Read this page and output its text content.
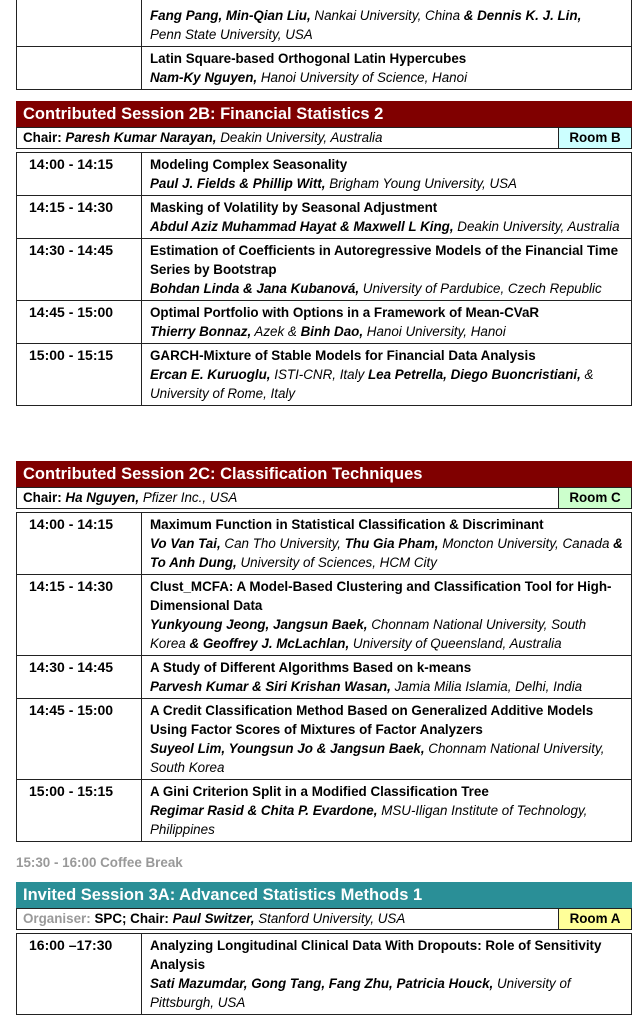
	Fang Pang, Min-Qian Liu, Nankai University, China & Dennis K. J. Lin,
Penn State University, USA

	Latin Square-based Orthogonal Latin Hypercubes
Nam-Ky Nguyen, Hanoi University of Science, Hanoi
Contributed Session 2B: Financial Statistics 2
Chair: Paresh Kumar Narayan, Deakin University, Australia	Room B
14:00 - 14:15	Modeling Complex Seasonality
Paul J. Fields & Phillip Witt, Brigham Young University, USA

14:15 - 14:30	Masking of Volatility by Seasonal Adjustment
Abdul Aziz Muhammad Hayat & Maxwell L King, Deakin University, Australia

14:30 - 14:45	Estimation of Coefficients in Autoregressive Models of the Financial Time Series by Bootstrap
Bohdan Linda & Jana Kubanová, University of Pardubice, Czech Republic

14:45 - 15:00	Optimal Portfolio with Options in a Framework of Mean-CVaR
Thierry Bonnaz, Azek & Binh Dao, Hanoi University, Hanoi

15:00 - 15:15	GARCH-Mixture of Stable Models for Financial Data Analysis
Ercan E. Kuruoglu, ISTI-CNR, Italy Lea Petrella, Diego Buoncristiani, & University of Rome, Italy
Contributed Session 2C: Classification Techniques
Chair: Ha Nguyen, Pfizer Inc., USA	Room C
14:00 - 14:15	Maximum Function in Statistical Classification & Discriminant
Vo Van Tai, Can Tho University, Thu Gia Pham, Moncton University, Canada & To Anh Dung, University of Sciences, HCM City

14:15 - 14:30	Clust_MCFA: A Model-Based Clustering and Classification Tool for High-Dimensional Data
Yunkyoung Jeong, Jangsun Baek, Chonnam National University, South Korea & Geoffrey J. McLachlan, University of Queensland, Australia

14:30 - 14:45	A Study of Different Algorithms Based on k-means
Parvesh Kumar & Siri Krishan Wasan, Jamia Milia Islamia, Delhi, India

14:45 - 15:00	A Credit Classification Method Based on Generalized Additive Models Using Factor Scores of Mixtures of Factor Analyzers
Suyeol Lim, Youngsun Jo & Jangsun Baek, Chonnam National University, South Korea

15:00 - 15:15	A Gini Criterion Split in a Modified Classification Tree
Regimar Rasid & Chita P. Evardone, MSU-Iligan Institute of Technology, Philippines
15:30 - 16:00 Coffee Break
Invited Session 3A: Advanced Statistics Methods 1
Organiser: SPC; Chair: Paul Switzer, Stanford University, USA	Room A
16:00 –17:30	Analyzing Longitudinal Clinical Data With Dropouts: Role of Sensitivity Analysis
Sati Mazumdar, Gong Tang, Fang Zhu, Patricia Houck, University of Pittsburgh, USA
